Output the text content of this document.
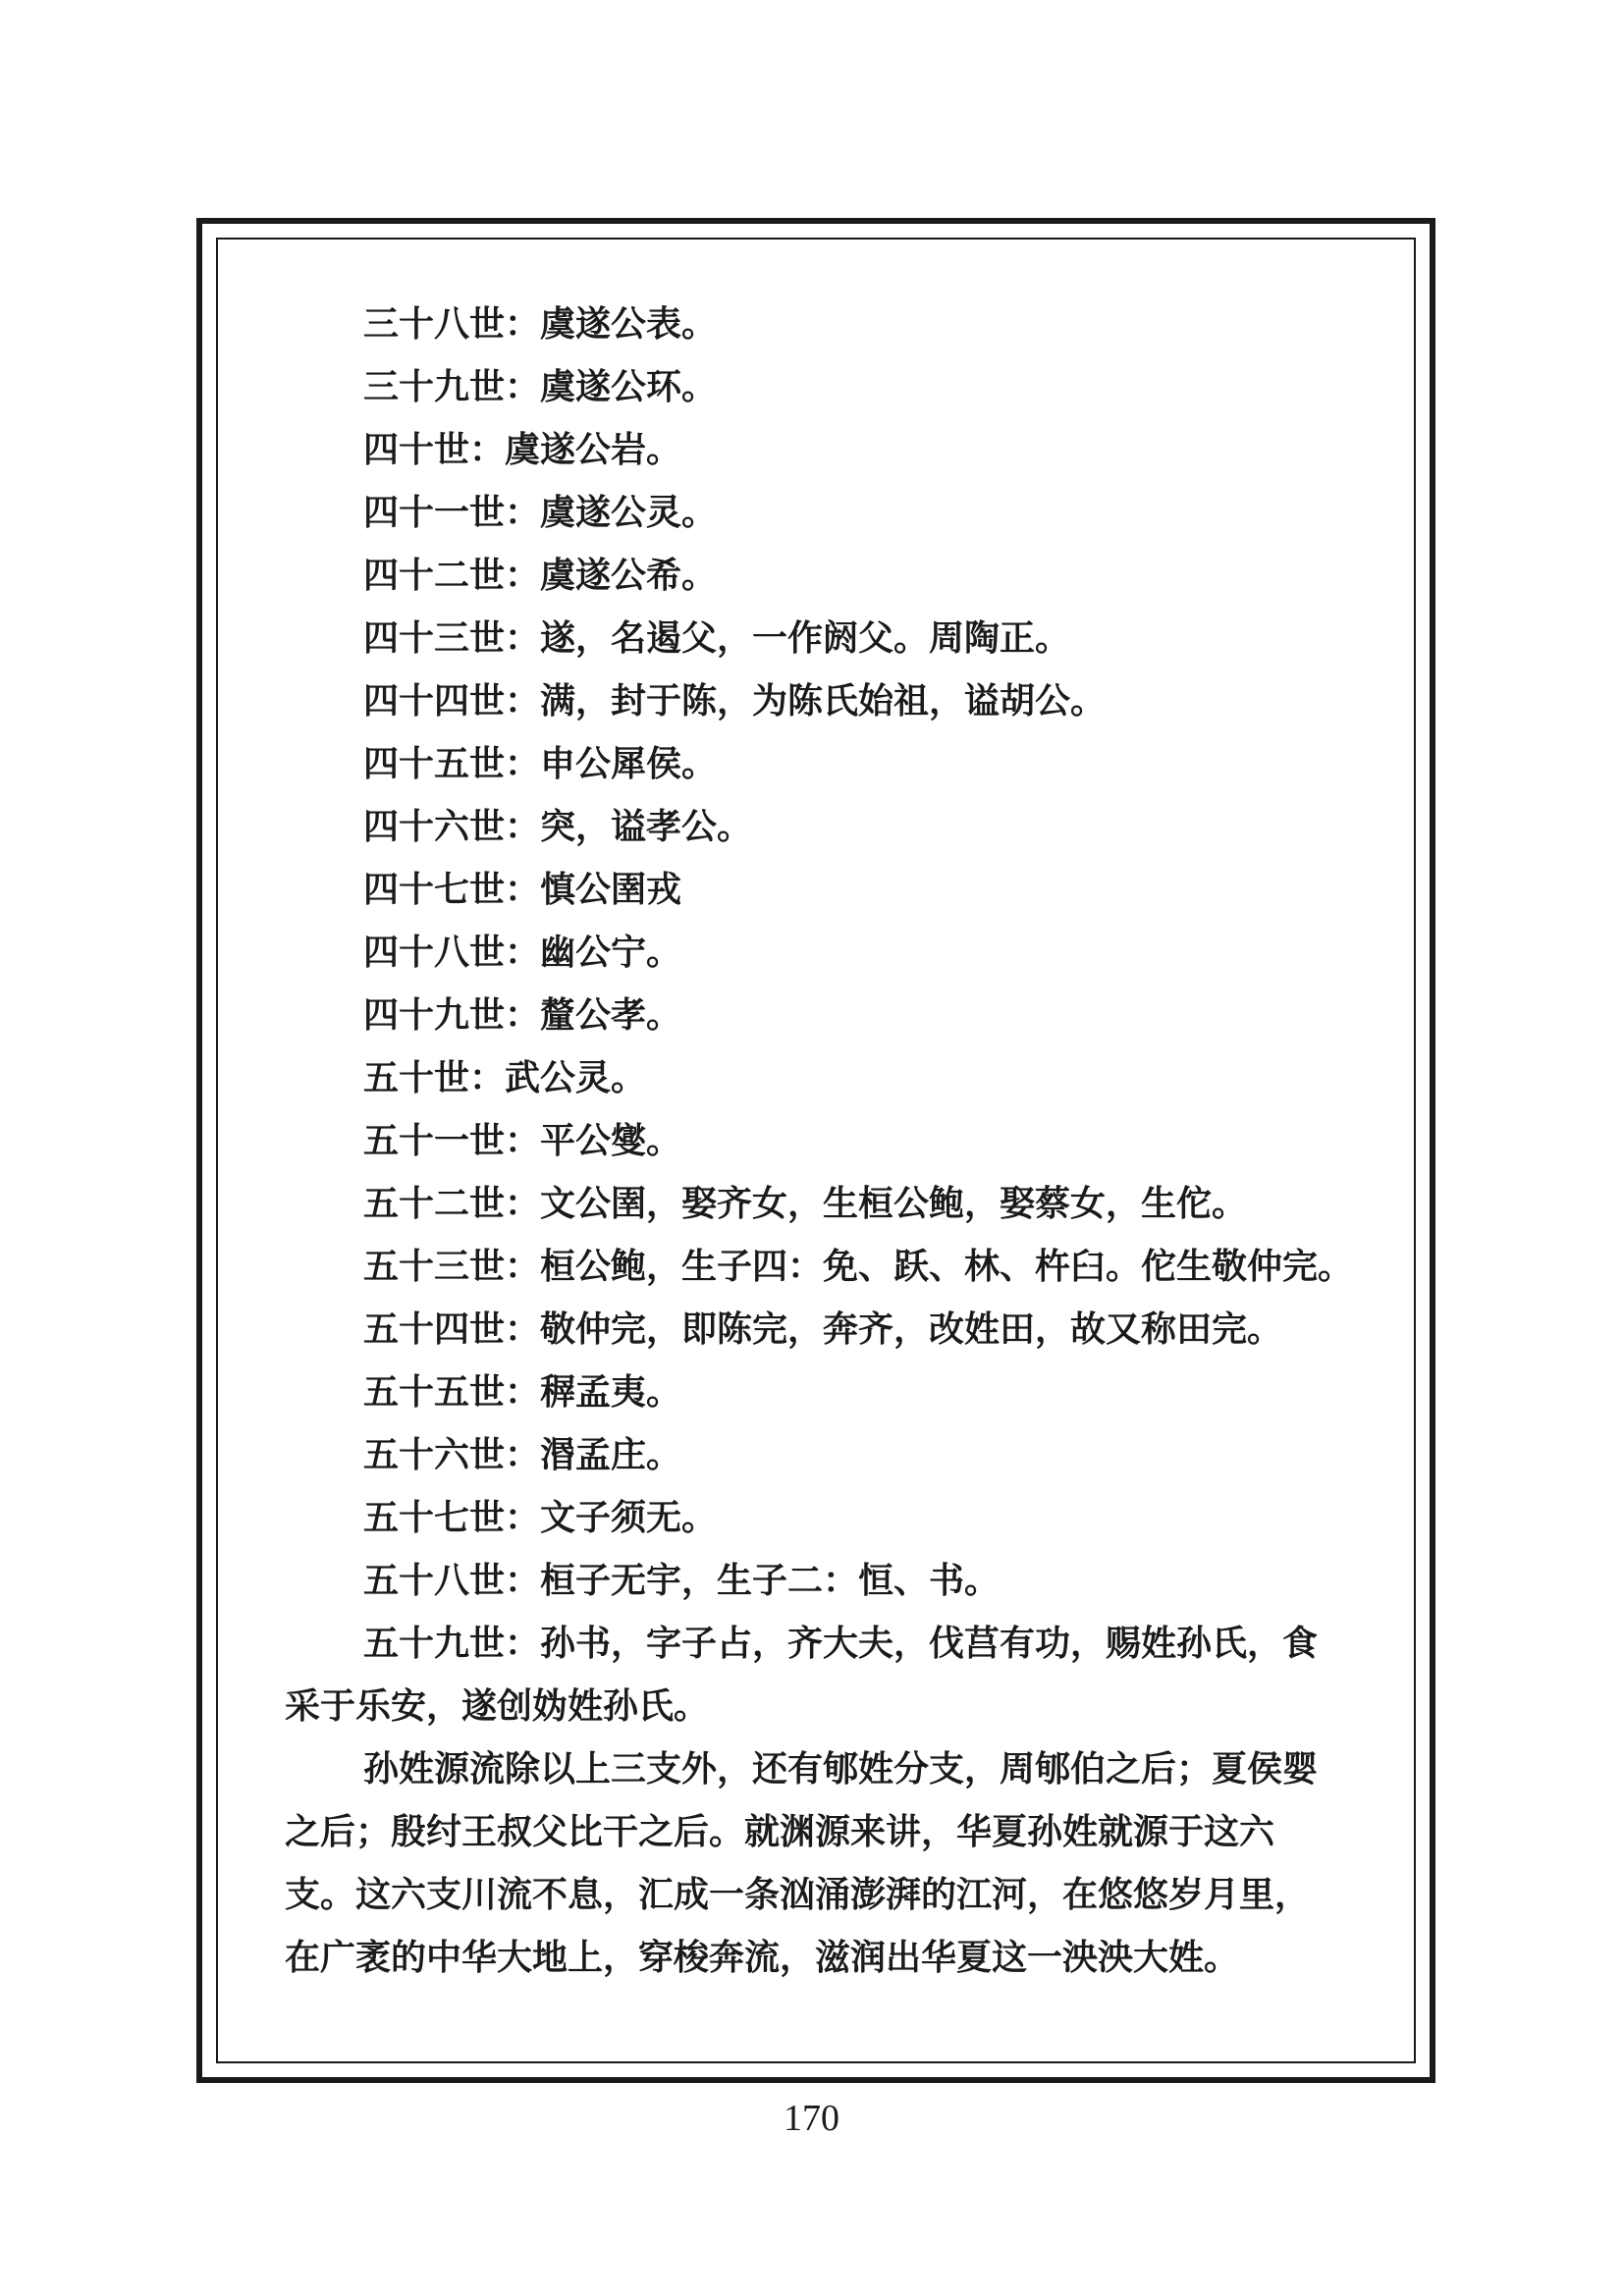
三十八世：虞遂公表。

三十九世：虞遂公环。

四十世：虞遂公岩。

四十一世：虞遂公灵。

四十二世：虞遂公希。

四十三世：遂，名遏父，一作阏父。周陶正。

四十四世：满，封于陈，为陈氏始祖，谥胡公。

四十五世：申公犀侯。

四十六世：突，谥孝公。

四十七世：慎公圉戎

四十八世：幽公宁。

四十九世：釐公孝。

五十世：武公灵。

五十一世：平公燮。

五十二世：文公圉，娶齐女，生桓公鲍，娶蔡女，生佗。

五十三世：桓公鲍，生子四：免、跃、林、杵臼。佗生敬仲完。

五十四世：敬仲完，即陈完，奔齐，改姓田，故又称田完。

五十五世：稺孟夷。

五十六世：湣孟庄。

五十七世：文子须无。

五十八世：桓子无宇，生子二：恒、书。

五十九世：孙书，字子占，齐大夫，伐莒有功，赐姓孙氏，食

采于乐安，遂创妫姓孙氏。

孙姓源流除以上三支外，还有郇姓分支，周郇伯之后；夏侯婴

之后；殷纣王叔父比干之后。就渊源来讲，华夏孙姓就源于这六

支。这六支川流不息，汇成一条汹涌澎湃的江河，在悠悠岁月里，

在广袤的中华大地上，穿梭奔流，滋润出华夏这一泱泱大姓。

170
